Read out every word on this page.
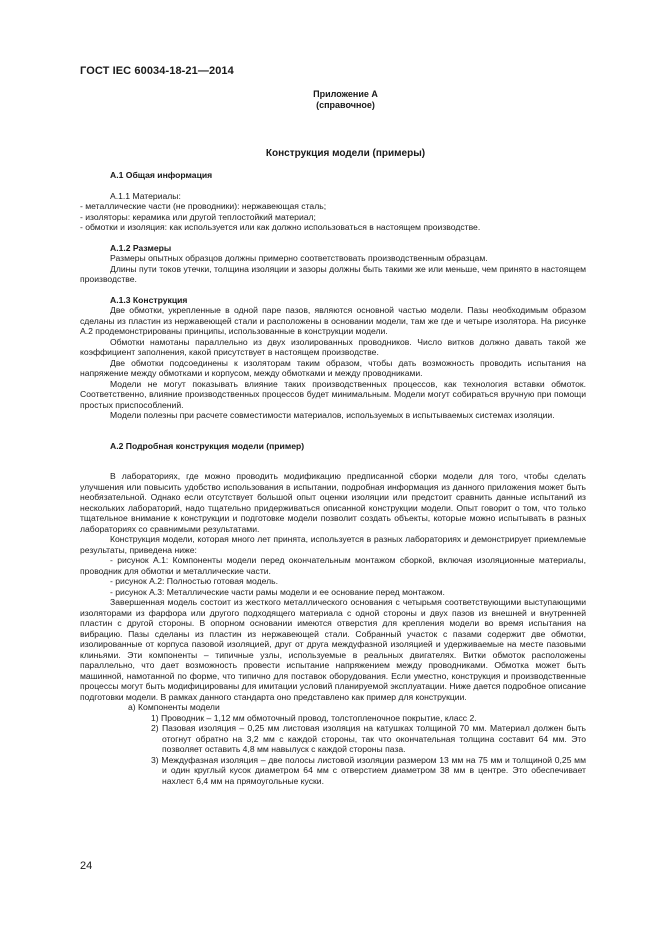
ГОСТ IEC 60034-18-21—2014
Приложение А
(справочное)
Конструкция модели (примеры)

А.1 Общая информация

А.1.1 Материалы:

- металлические части (не проводники): нержавеющая сталь;

- изоляторы: керамика или другой теплостойкий материал;

- обмотки и изоляция: как используется или как должно использоваться в настоящем производстве.

А.1.2 Размеры

Размеры опытных образцов должны примерно соответствовать производственным образцам.

Длины пути токов утечки, толщина изоляции и зазоры должны быть такими же или меньше, чем принято в настоящем производстве.

А.1.3 Конструкция

Две обмотки, укрепленные в одной паре пазов, являются основной частью модели. Пазы необходимым образом сделаны из пластин из нержавеющей стали и расположены в основании модели, там же где и четыре изолятора. На рисунке А.2 продемонстрированы принципы, использованные в конструкции модели.

Обмотки намотаны параллельно из двух изолированных проводников. Число витков должно давать такой же коэффициент заполнения, какой присутствует в настоящем производстве.

Две обмотки подсоединены к изоляторам таким образом, чтобы дать возможность проводить испытания на напряжение между обмотками и корпусом, между обмотками и между проводниками.

Модели не могут показывать влияние таких производственных процессов, как технология вставки обмоток. Соответственно, влияние производственных процессов будет минимальным. Модели могут собираться вручную при помощи простых приспособлений.

Модели полезны при расчете совместимости материалов, используемых в испытываемых системах изоляции.

А.2 Подробная конструкция модели (пример)

В лабораториях, где можно проводить модификацию предписанной сборки модели для того, чтобы сделать улучшения или повысить удобство использования в испытании, подробная информация из данного приложения может быть необязательной. Однако если отсутствует большой опыт оценки изоляции или предстоит сравнить данные испытаний из нескольких лабораторий, надо тщательно придерживаться описанной конструкции модели. Опыт говорит о том, что только тщательное внимание к конструкции и подготовке модели позволит создать объекты, которые можно испытывать в разных лабораториях со сравнимыми результатами.

Конструкция модели, которая много лет принята, используется в разных лабораториях и демонстрирует приемлемые результаты, приведена ниже:

- рисунок А.1: Компоненты модели перед окончательным монтажом сборкой, включая изоляционные материалы, проводник для обмотки и металлические части.

- рисунок А.2: Полностью готовая модель.

- рисунок А.3: Металлические части рамы модели и ее основание перед монтажом.

Завершенная модель состоит из жесткого металлического основания с четырьмя соответствующими выступающими изоляторами из фарфора или другого подходящего материала с одной стороны и двух пазов из внешней и внутренней пластин с другой стороны. В опорном основании имеются отверстия для крепления модели во время испытания на вибрацию. Пазы сделаны из пластин из нержавеющей стали. Собранный участок с пазами содержит две обмотки, изолированные от корпуса пазовой изоляцией, друг от друга междуфазной изоляцией и удерживаемые на месте пазовыми клиньями. Эти компоненты – типичные узлы, используемые в реальных двигателях. Витки обмоток расположены параллельно, что дает возможность провести испытание напряжением между проводниками. Обмотка может быть машинной, намотанной по форме, что типично для поставок оборудования. Если уместно, конструкция и производственные процессы могут быть модифицированы для имитации условий планируемой эксплуатации. Ниже дается подробное описание подготовки модели. В рамках данного стандарта оно представлено как пример для конструкции.

а) Компоненты модели

1) Проводник – 1,12 мм обмоточный провод, толстопленочное покрытие, класс 2.

2) Пазовая изоляция – 0,25 мм листовая изоляция на катушках толщиной 70 мм. Материал должен быть отогнут обратно на 3,2 мм с каждой стороны, так что окончательная толщина составит 64 мм. Это позволяет оставить 4,8 мм навылуск с каждой стороны паза.

3) Междуфазная изоляция – две полосы листовой изоляции размером 13 мм на 75 мм и толщиной 0,25 мм и один круглый кусок диаметром 64 мм с отверстием диаметром 38 мм в центре. Это обеспечивает нахлест 6,4 мм на прямоугольные куски.

24
